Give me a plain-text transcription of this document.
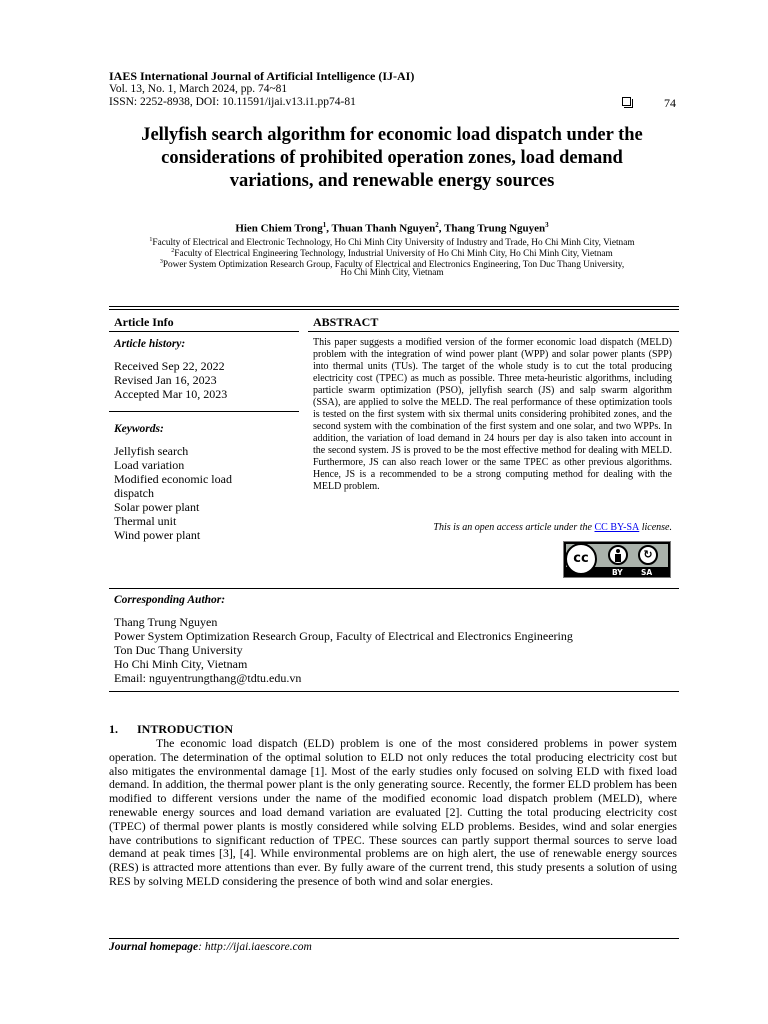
IAES International Journal of Artificial Intelligence (IJ-AI)
Vol. 13, No. 1, March 2024, pp. 74~81
ISSN: 2252-8938, DOI: 10.11591/ijai.v13.i1.pp74-81	74
Jellyfish search algorithm for economic load dispatch under the
considerations of prohibited operation zones, load demand
variations, and renewable energy sources
Hien Chiem Trong$^1$, Thuan Thanh Nguyen$^2$, Thang Trung Nguyen$^3$
$^1$Faculty of Electrical and Electronic Technology, Ho Chi Minh City University of Industry and Trade, Ho Chi Minh City, Vietnam
$^2$Faculty of Electrical Engineering Technology, Industrial University of Ho Chi Minh City, Ho Chi Minh City, Vietnam
$^3$Power System Optimization Research Group, Faculty of Electrical and Electronics Engineering, Ton Duc Thang University,
Ho Chi Minh City, Vietnam
Article Info	ABSTRACT
Article history:
Received Sep 22, 2022
Revised Jan 16, 2023
Accepted Mar 10, 2023
Keywords:
Jellyfish search
Load variation
Modified economic load
dispatch
Solar power plant
Thermal unit
Wind power plant
This paper suggests a modified version of the former economic load dispatch (MELD) problem with the integration of wind power plant (WPP) and solar power plants (SPP) into thermal units (TUs). The target of the whole study is to cut the total producing electricity cost (TPEC) as much as possible. Three meta-heuristic algorithms, including particle swarm optimization (PSO), jellyfish search (JS) and salp swarm algorithm (SSA), are applied to solve the MELD. The real performance of these optimization tools is tested on the first system with six thermal units considering prohibited zones, and the second system with the combination of the first system and one solar, and two WPPs. In addition, the variation of load demand in 24 hours per day is also taken into account in the second system. JS is proved to be the most effective method for dealing with MELD. Furthermore, JS can also reach lower or the same TPEC as other previous algorithms. Hence, JS is a recommended to be a strong computing method for dealing with the MELD problem.
This is an open access article under the CC BY-SA license.
cc	↻
BY SA
Corresponding Author:
Thang Trung Nguyen
Power System Optimization Research Group, Faculty of Electrical and Electronics Engineering
Ton Duc Thang University
Ho Chi Minh City, Vietnam
Email: nguyentrungthang@tdtu.edu.vn
1. INTRODUCTION
The economic load dispatch (ELD) problem is one of the most considered problems in power system operation. The determination of the optimal solution to ELD not only reduces the total producing electricity cost but also mitigates the environmental damage [1]. Most of the early studies only focused on solving ELD with fixed load demand. In addition, the thermal power plant is the only generating source. Recently, the former ELD problem has been modified to different versions under the name of the modified economic load dispatch problem (MELD), where renewable energy sources and load demand variation are evaluated [2]. Cutting the total producing electricity cost (TPEC) of thermal power plants is mostly considered while solving ELD problems. Besides, wind and solar energies have contributions to significant reduction of TPEC. These sources can partly support thermal sources to serve load demand at peak times [3], [4]. While environmental problems are on high alert, the use of renewable energy sources (RES) is attracted more attentions than ever. By fully aware of the current trend, this study presents a solution of using RES by solving MELD considering the presence of both wind and solar energies.
Journal homepage: http://ijai.iaescore.com
